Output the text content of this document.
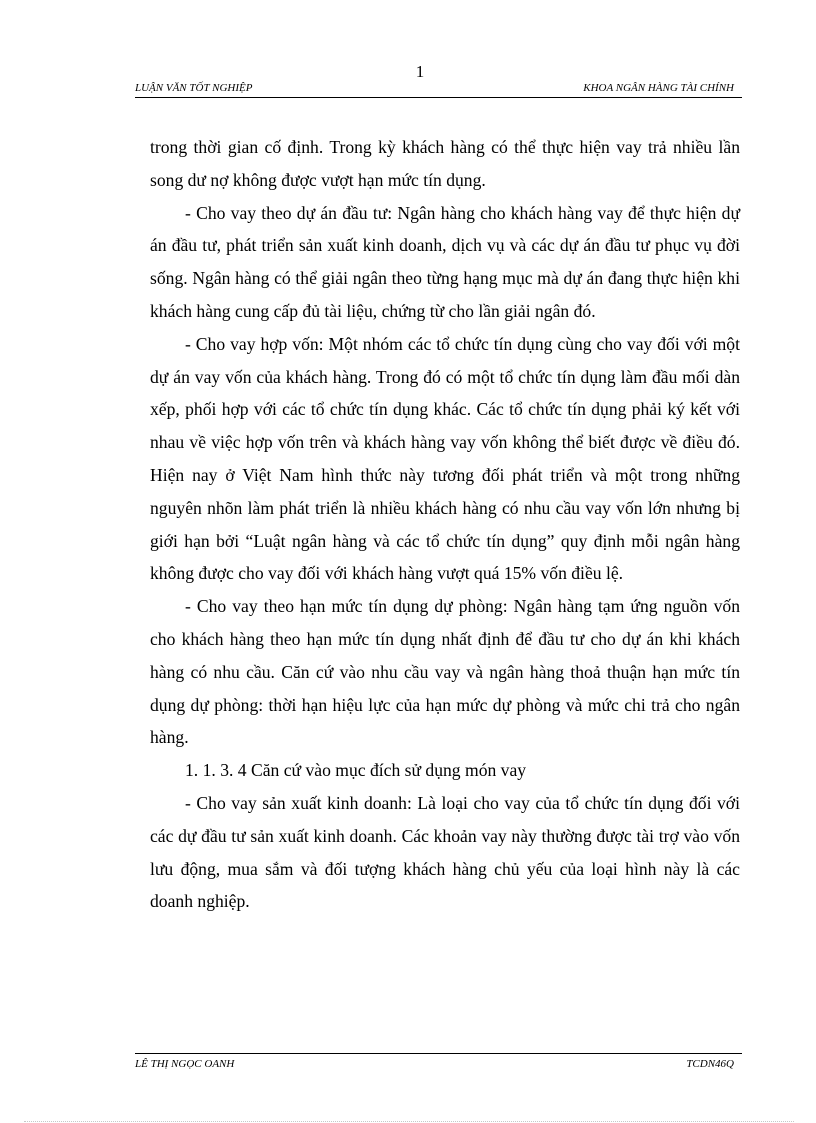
1
LUẬN VĂN TỐT NGHIỆP	KHOA NGÂN HÀNG TÀI CHÍNH

trong thời gian cố định. Trong kỳ khách hàng có thể thực hiện vay trả nhiều lần song dư nợ không được vượt hạn mức tín dụng.

- Cho vay theo dự án đầu tư: Ngân hàng cho khách hàng vay để thực hiện dự án đầu tư, phát triển sản xuất kinh doanh, dịch vụ và các dự án đầu tư phục vụ đời sống. Ngân hàng có thể giải ngân theo từng hạng mục mà dự án đang thực hiện khi khách hàng cung cấp đủ tài liệu, chứng từ cho lần giải ngân đó.

- Cho vay hợp vốn: Một nhóm các tổ chức tín dụng cùng cho vay đối với một dự án vay vốn của khách hàng. Trong đó có một tổ chức tín dụng làm đầu mối dàn xếp, phối hợp với các tổ chức tín dụng khác. Các tổ chức tín dụng phải ký kết với nhau về việc hợp vốn trên và khách hàng vay vốn không thể biết được về điều đó. Hiện nay ở Việt Nam hình thức này tương đối phát triển và một trong những nguyên nhõn làm phát triển là nhiều khách hàng có nhu cầu vay vốn lớn nhưng bị giới hạn bởi “Luật ngân hàng và các tổ chức tín dụng” quy định mỗi ngân hàng không được cho vay đối với khách hàng vượt quá 15% vốn điều lệ.

- Cho vay theo hạn mức tín dụng dự phòng: Ngân hàng tạm ứng nguồn vốn cho khách hàng theo hạn mức tín dụng nhất định để đầu tư cho dự án khi khách hàng có nhu cầu. Căn cứ vào nhu cầu vay và ngân hàng thoả thuận hạn mức tín dụng dự phòng: thời hạn hiệu lực của hạn mức dự phòng và mức chi trả cho ngân hàng.

1. 1. 3. 4 Căn cứ vào mục đích sử dụng món vay

- Cho vay sản xuất kinh doanh: Là loại cho vay của tổ chức tín dụng đối với các dự đầu tư sản xuất kinh doanh. Các khoản vay này thường được tài trợ vào vốn lưu động, mua sắm và đối tượng khách hàng chủ yếu của loại hình này là các doanh nghiệp.

LÊ THỊ NGỌC OANH	TCDN46Q
